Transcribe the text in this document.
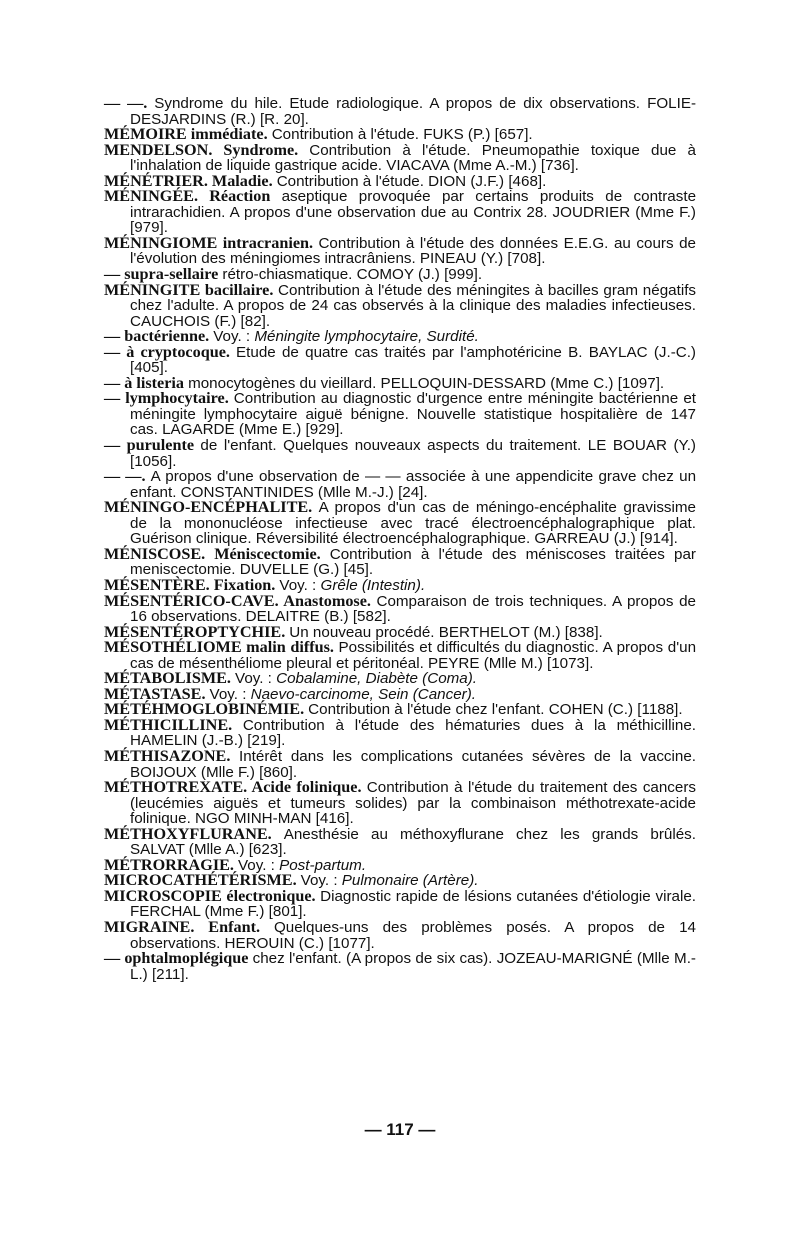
— —. Syndrome du hile. Etude radiologique. A propos de dix observations. FOLIE-DESJARDINS (R.) [R. 20].

MÉMOIRE immédiate. Contribution à l'étude. FUKS (P.) [657].

MENDELSON. Syndrome. Contribution à l'étude. Pneumopathie toxique due à l'inhalation de liquide gastrique acide. VIACAVA (Mme A.-M.) [736].

MÉNÉTRIER. Maladie. Contribution à l'étude. DION (J.F.) [468].

MÉNINGÉE. Réaction aseptique provoquée par certains produits de contraste intrarachidien. A propos d'une observation due au Contrix 28. JOUDRIER (Mme F.) [979].

MÉNINGIOME intracranien. Contribution à l'étude des données E.E.G. au cours de l'évolution des méningiomes intracrâniens. PINEAU (Y.) [708].

— supra-sellaire rétro-chiasmatique. COMOY (J.) [999].

MÉNINGITE bacillaire. Contribution à l'étude des méningites à bacilles gram négatifs chez l'adulte. A propos de 24 cas observés à la clinique des maladies infectieuses. CAUCHOIS (F.) [82].

— bactérienne. Voy. : Méningite lymphocytaire, Surdité.

— à cryptocoque. Etude de quatre cas traités par l'amphotéricine B. BAYLAC (J.-C.) [405].

— à listeria monocytogènes du vieillard. PELLOQUIN-DESSARD (Mme C.) [1097].

— lymphocytaire. Contribution au diagnostic d'urgence entre méningite bactérienne et méningite lymphocytaire aiguë bénigne. Nouvelle statistique hospitalière de 147 cas. LAGARDE (Mme E.) [929].

— purulente de l'enfant. Quelques nouveaux aspects du traitement. LE BOUAR (Y.) [1056].

— —. A propos d'une observation de — — associée à une appendicite grave chez un enfant. CONSTANTINIDES (Mlle M.-J.) [24].

MÉNINGO-ENCÉPHALITE. A propos d'un cas de méningo-encéphalite gravissime de la mononucléose infectieuse avec tracé électroencéphalographique plat. Guérison clinique. Réversibilité électroencéphalographique. GARREAU (J.) [914].

MÉNISCOSE. Méniscectomie. Contribution à l'étude des méniscoses traitées par meniscectomie. DUVELLE (G.) [45].

MÉSENTÈRE. Fixation. Voy. : Grêle (Intestin).

MÉSENTÉRICO-CAVE. Anastomose. Comparaison de trois techniques. A propos de 16 observations. DELAITRE (B.) [582].

MÉSENTÉROPTYCHIE. Un nouveau procédé. BERTHELOT (M.) [838].

MÉSOTHÉLIOME malin diffus. Possibilités et difficultés du diagnostic. A propos d'un cas de mésenthéliome pleural et péritonéal. PEYRE (Mlle M.) [1073].

MÉTABOLISME. Voy. : Cobalamine, Diabète (Coma).

MÉTASTASE. Voy. : Naevo-carcinome, Sein (Cancer).

MÉTÉHMOGLOBINÉMIE. Contribution à l'étude chez l'enfant. COHEN (C.) [1188].

MÉTHICILLINE. Contribution à l'étude des hématuries dues à la méthicilline. HAMELIN (J.-B.) [219].

MÉTHISAZONE. Intérêt dans les complications cutanées sévères de la vaccine. BOIJOUX (Mlle F.) [860].

MÉTHOTREXATE. Acide folinique. Contribution à l'étude du traitement des cancers (leucémies aiguës et tumeurs solides) par la combinaison méthotrexate-acide folinique. NGO MINH-MAN [416].

MÉTHOXYFLURANE. Anesthésie au méthoxyflurane chez les grands brûlés. SALVAT (Mlle A.) [623].

MÉTRORRAGIE. Voy. : Post-partum.

MICROCATHÉTÉRISME. Voy. : Pulmonaire (Artère).

MICROSCOPIE électronique. Diagnostic rapide de lésions cutanées d'étiologie virale. FERCHAL (Mme F.) [801].

MIGRAINE. Enfant. Quelques-uns des problèmes posés. A propos de 14 observations. HEROUIN (C.) [1077].

— ophtalmoplégique chez l'enfant. (A propos de six cas). JOZEAU-MARIGNÉ (Mlle M.-L.) [211].

— 117 —
